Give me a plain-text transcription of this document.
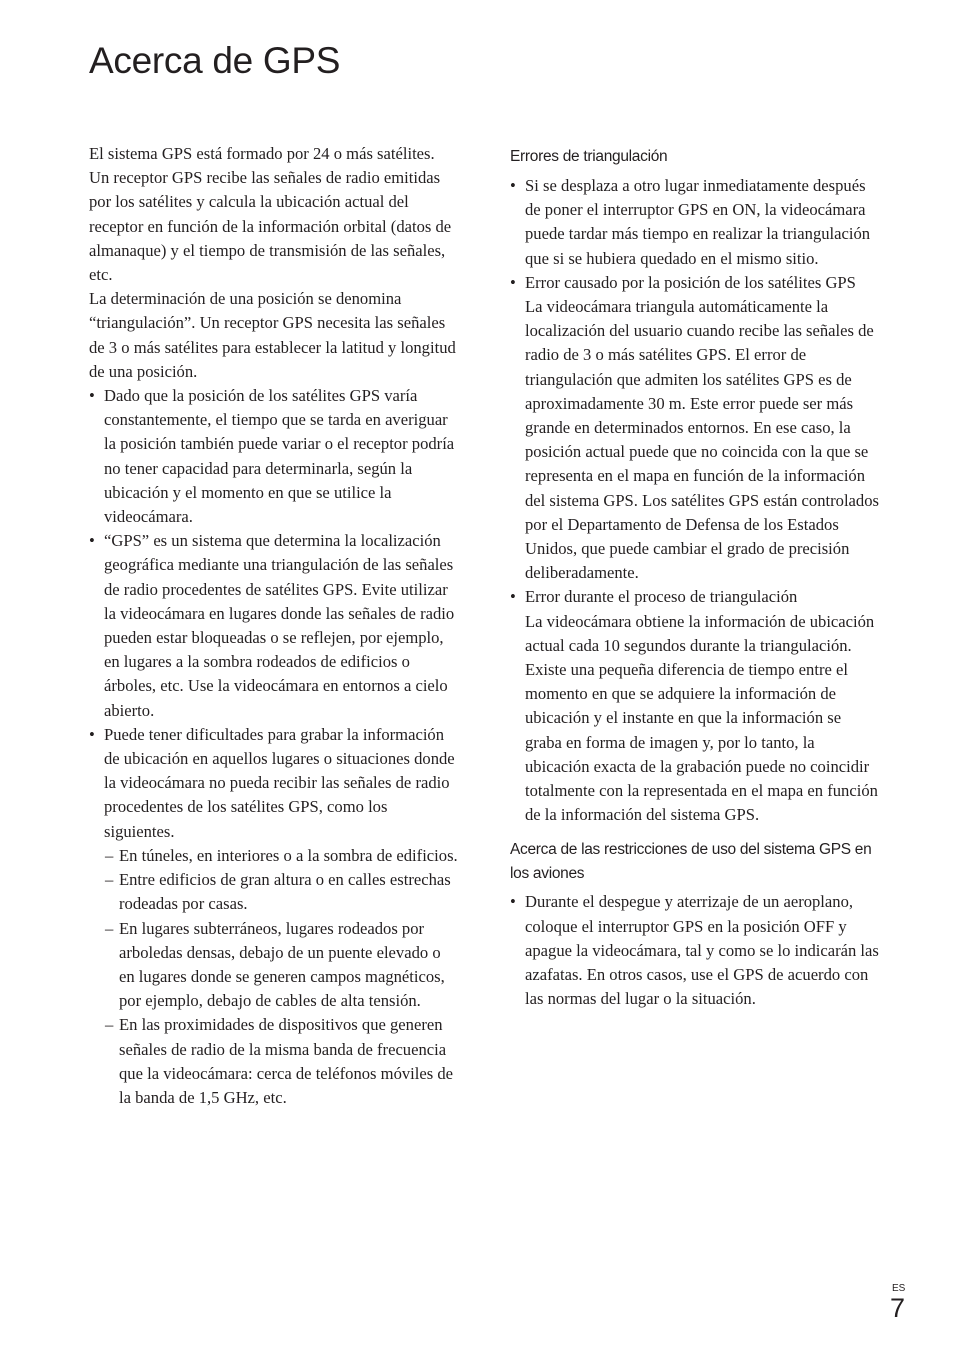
Acerca de GPS

El sistema GPS está formado por 24 o más satélites. Un receptor GPS recibe las señales de radio emitidas por los satélites y calcula la ubicación actual del receptor en función de la información orbital (datos de almanaque) y el tiempo de transmisión de las señales, etc.

La determinación de una posición se denomina “triangulación”. Un receptor GPS necesita las señales de 3 o más satélites para establecer la latitud y longitud de una posición.

• Dado que la posición de los satélites GPS varía constantemente, el tiempo que se tarda en averiguar la posición también puede variar o el receptor podría no tener capacidad para determinarla, según la ubicación y el momento en que se utilice la videocámara.
• “GPS” es un sistema que determina la localización geográfica mediante una triangulación de las señales de radio procedentes de satélites GPS. Evite utilizar la videocámara en lugares donde las señales de radio pueden estar bloqueadas o se reflejen, por ejemplo, en lugares a la sombra rodeados de edificios o árboles, etc. Use la videocámara en entornos a cielo abierto.
• Puede tener dificultades para grabar la información de ubicación en aquellos lugares o situaciones donde la videocámara no pueda recibir las señales de radio procedentes de los satélites GPS, como los siguientes.
– En túneles, en interiores o a la sombra de edificios.
– Entre edificios de gran altura o en calles estrechas rodeadas por casas.
– En lugares subterráneos, lugares rodeados por arboledas densas, debajo de un puente elevado o en lugares donde se generen campos magnéticos, por ejemplo, debajo de cables de alta tensión.
– En las proximidades de dispositivos que generen señales de radio de la misma banda de frecuencia que la videocámara: cerca de teléfonos móviles de la banda de 1,5 GHz, etc.
Errores de triangulación
• Si se desplaza a otro lugar inmediatamente después de poner el interruptor GPS en ON, la videocámara puede tardar más tiempo en realizar la triangulación que si se hubiera quedado en el mismo sitio.
• Error causado por la posición de los satélites GPS
La videocámara triangula automáticamente la localización del usuario cuando recibe las señales de radio de 3 o más satélites GPS. El error de triangulación que admiten los satélites GPS es de aproximadamente 30 m. Este error puede ser más grande en determinados entornos. En ese caso, la posición actual puede que no coincida con la que se representa en el mapa en función de la información del sistema GPS. Los satélites GPS están controlados por el Departamento de Defensa de los Estados Unidos, que puede cambiar el grado de precisión deliberadamente.
• Error durante el proceso de triangulación
La videocámara obtiene la información de ubicación actual cada 10 segundos durante la triangulación.
Existe una pequeña diferencia de tiempo entre el momento en que se adquiere la información de ubicación y el instante en que la información se graba en forma de imagen y, por lo tanto, la ubicación exacta de la grabación puede no coincidir totalmente con la representada en el mapa en función de la información del sistema GPS.
Acerca de las restricciones de uso del sistema GPS en los aviones
• Durante el despegue y aterrizaje de un aeroplano, coloque el interruptor GPS en la posición OFF y apague la videocámara, tal y como se lo indicarán las azafatas. En otros casos, use el GPS de acuerdo con las normas del lugar o la situación.
ES
7
